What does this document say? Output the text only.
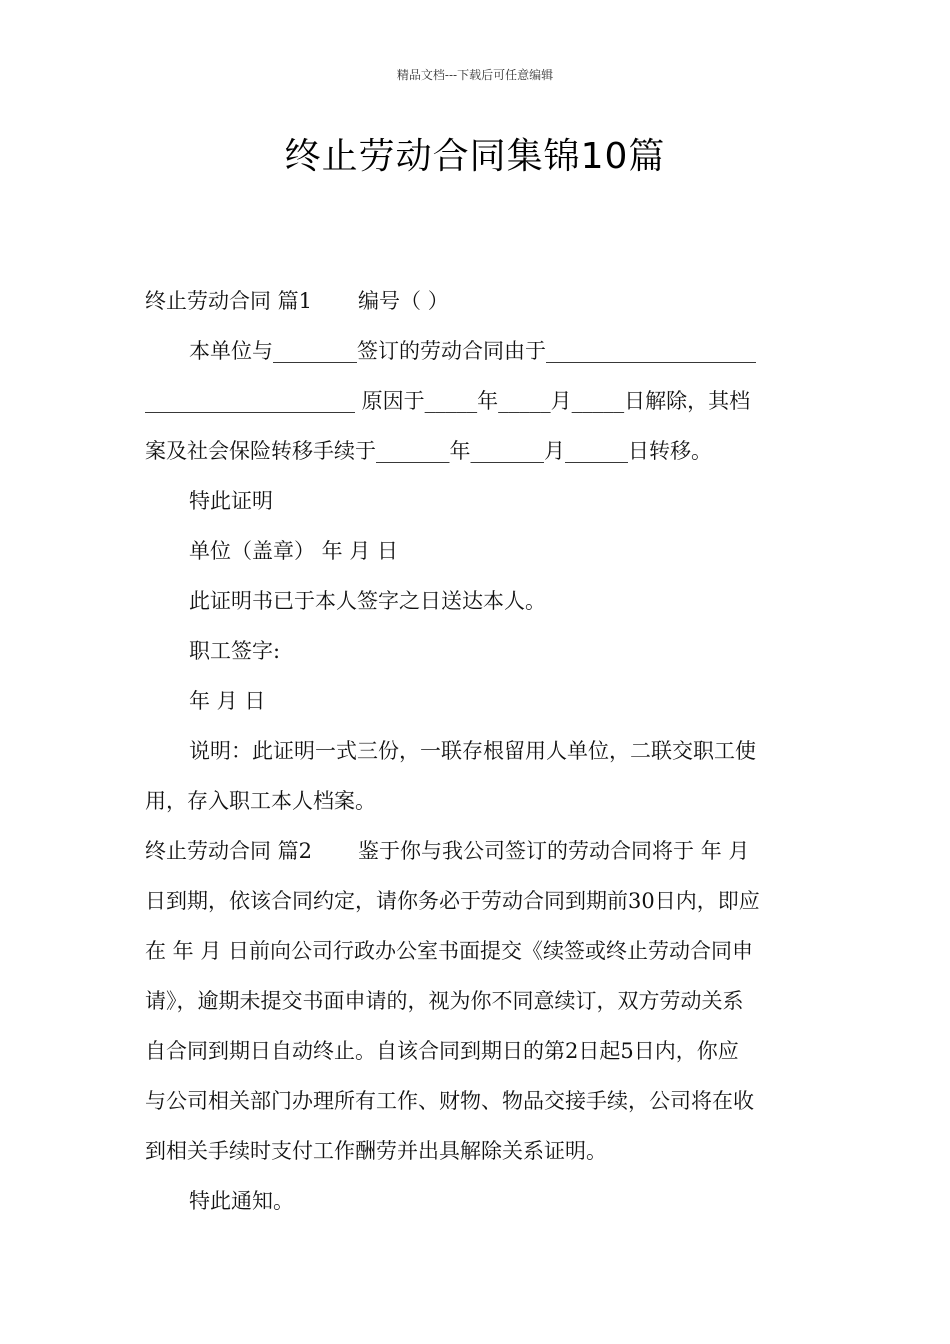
精品文档---下载后可任意编辑
终止劳动合同集锦10篇
终止劳动合同 篇1 编号（ ）
本单位与________签订的劳动合同由于____________________
____________________ 原因于_____年_____月_____日解除，其档
案及社会保险转移手续于_______年_______月______日转移。
特此证明
单位（盖章） 年 月 日
此证明书已于本人签字之日送达本人。
职工签字:
年 月 日
说明：此证明一式三份，一联存根留用人单位，二联交职工使
用，存入职工本人档案。
终止劳动合同 篇2 鉴于你与我公司签订的劳动合同将于 年 月
日到期，依该合同约定，请你务必于劳动合同到期前30日内，即应
在 年 月 日前向公司行政办公室书面提交《续签或终止劳动合同申
请》，逾期未提交书面申请的，视为你不同意续订，双方劳动关系
自合同到期日自动终止。自该合同到期日的第2日起5日内，你应
与公司相关部门办理所有工作、财物、物品交接手续，公司将在收
到相关手续时支付工作酬劳并出具解除关系证明。
特此通知。
